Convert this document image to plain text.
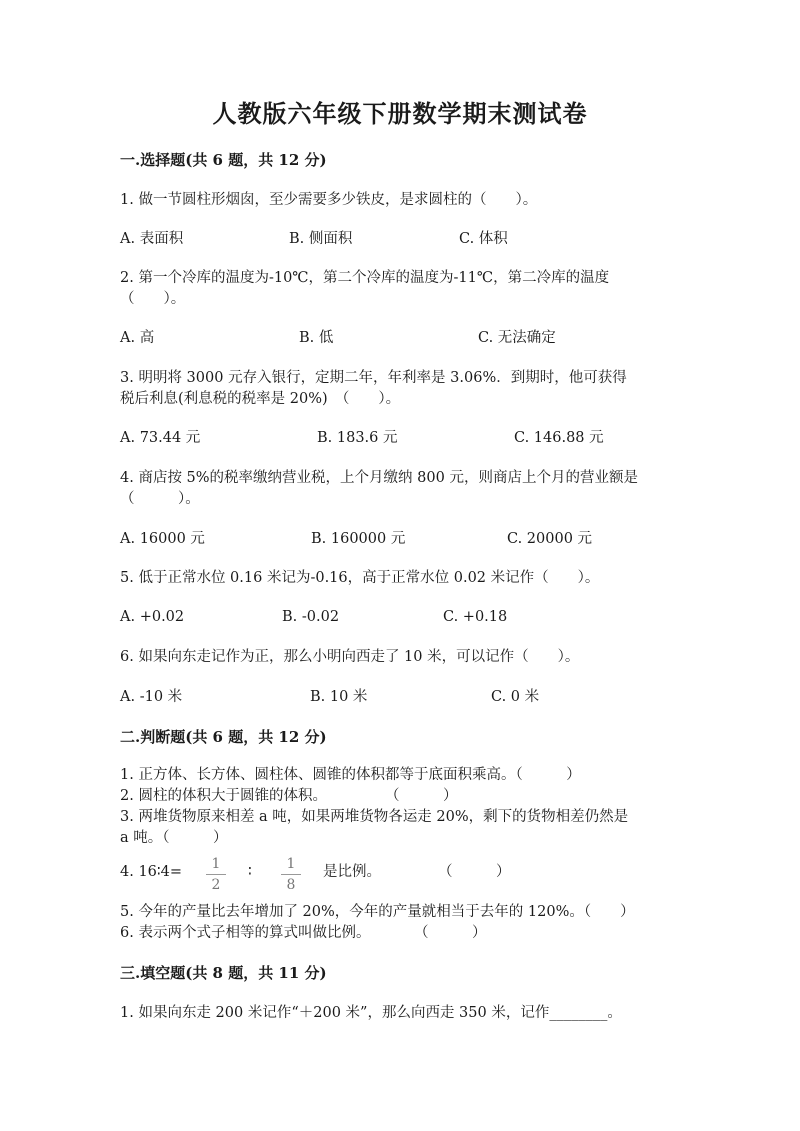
人教版六年级下册数学期末测试卷
一.选择题(共 6 题，共 12 分)
1. 做一节圆柱形烟囱，至少需要多少铁皮，是求圆柱的（　　）。
A. 表面积	B. 侧面积	C. 体积
2. 第一个冷库的温度为-10℃，第二个冷库的温度为-11℃，第二冷库的温度
（　　）。
A. 高	B. 低	C. 无法确定
3. 明明将 3000 元存入银行，定期二年，年利率是 3.06%．到期时，他可获得
税后利息(利息税的税率是 20%)　（　　）。
A. 73.44 元	B. 183.6 元	C. 146.88 元
4. 商店按 5%的税率缴纳营业税，上个月缴纳 800 元，则商店上个月的营业额是
（　　　）。
A. 16000 元	B. 160000 元	C. 20000 元
5. 低于正常水位 0.16 米记为-0.16，高于正常水位 0.02 米记作（　　）。
A. +0.02	B. -0.02	C. +0.18
6. 如果向东走记作为正，那么小明向西走了 10 米，可以记作（　　）。
A. -10 米	B. 10 米	C. 0 米
二.判断题(共 6 题，共 12 分)
1. 正方体、长方体、圆柱体、圆锥的体积都等于底面积乘高。（　　　）
2. 圆柱的体积大于圆锥的体积。　　　　　（　　　）
3. 两堆货物原来相差 a 吨，如果两堆货物各运走 20%，剩下的货物相差仍然是
a 吨。（　　　）
4. 16∶4=	1
2
∶	1
8
是比例。	（　　　）
5. 今年的产量比去年增加了 20%，今年的产量就相当于去年的 120%。（　　）
6. 表示两个式子相等的算式叫做比例。　　　　（　　　）
三.填空题(共 8 题，共 11 分)
1. 如果向东走 200 米记作“＋200 米”，那么向西走 350 米，记作________。
